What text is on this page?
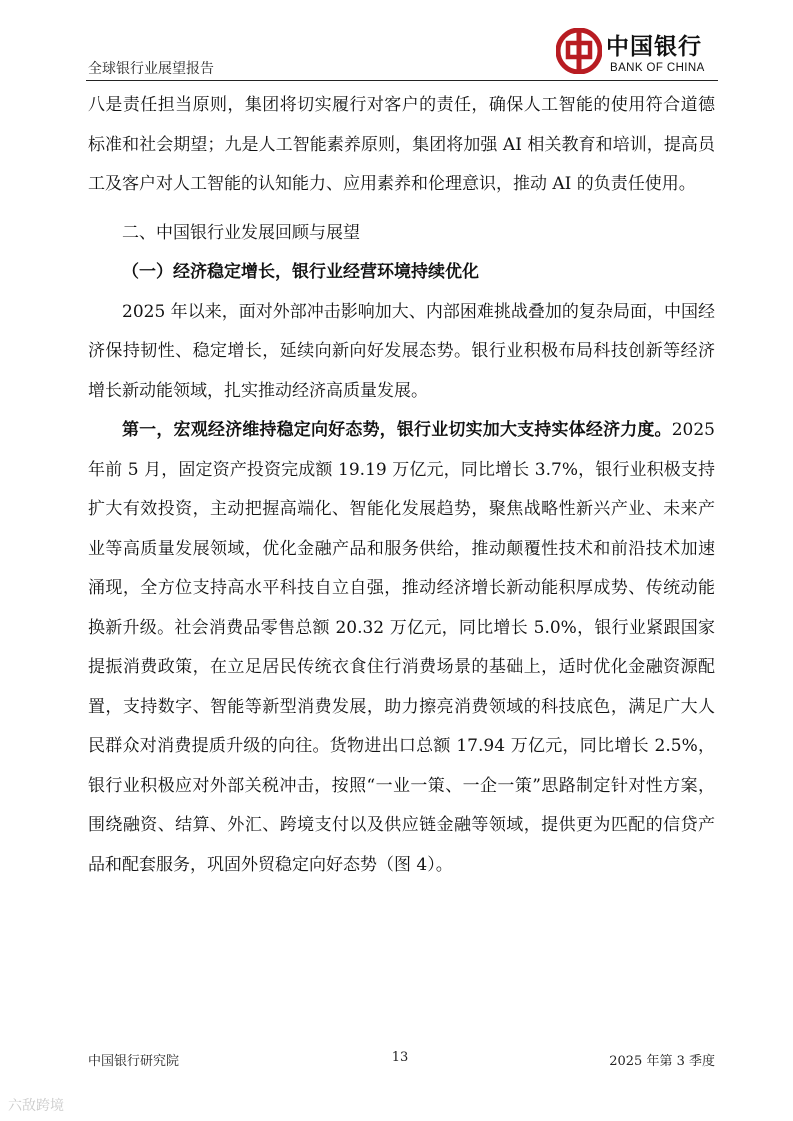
全球银行业展望报告
中国银行
BANK OF CHINA

八是责任担当原则，集团将切实履行对客户的责任，确保人工智能的使用符合道德标准和社会期望；九是人工智能素养原则，集团将加强 AI 相关教育和培训，提高员工及客户对人工智能的认知能力、应用素养和伦理意识，推动 AI 的负责任使用。

二、中国银行业发展回顾与展望

（一）经济稳定增长，银行业经营环境持续优化

2025 年以来，面对外部冲击影响加大、内部困难挑战叠加的复杂局面，中国经济保持韧性、稳定增长，延续向新向好发展态势。银行业积极布局科技创新等经济增长新动能领域，扎实推动经济高质量发展。

第一，宏观经济维持稳定向好态势，银行业切实加大支持实体经济力度。2025 年前 5 月，固定资产投资完成额 19.19 万亿元，同比增长 3.7%，银行业积极支持扩大有效投资，主动把握高端化、智能化发展趋势，聚焦战略性新兴产业、未来产业等高质量发展领域，优化金融产品和服务供给，推动颠覆性技术和前沿技术加速涌现，全方位支持高水平科技自立自强，推动经济增长新动能积厚成势、传统动能换新升级。社会消费品零售总额 20.32 万亿元，同比增长 5.0%，银行业紧跟国家提振消费政策，在立足居民传统衣食住行消费场景的基础上，适时优化金融资源配置，支持数字、智能等新型消费发展，助力擦亮消费领域的科技底色，满足广大人民群众对消费提质升级的向往。货物进出口总额 17.94 万亿元，同比增长 2.5%，银行业积极应对外部关税冲击，按照“一业一策、一企一策”思路制定针对性方案，围绕融资、结算、外汇、跨境支付以及供应链金融等领域，提供更为匹配的信贷产品和配套服务，巩固外贸稳定向好态势（图 4）。

中国银行研究院	13	2025 年第 3 季度
六敌跨境
